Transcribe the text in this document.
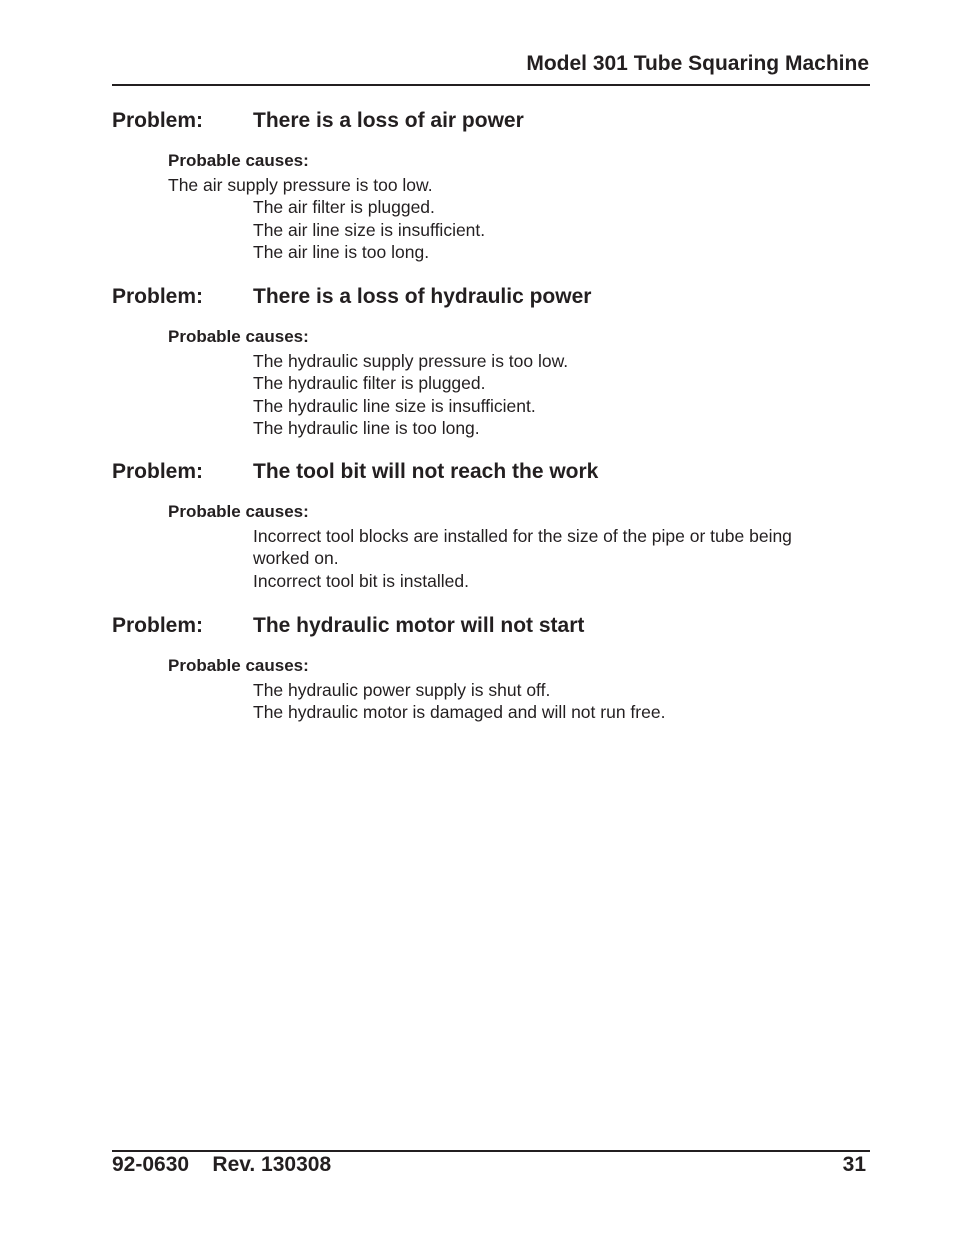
Model 301 Tube Squaring Machine
Problem: There is a loss of air power
Probable causes:
The air supply pressure is too low.
The air filter is plugged.
The air line size is insufficient.
The air line is too long.
Problem: There is a loss of hydraulic power
Probable causes:
The hydraulic supply pressure is too low.
The hydraulic filter is plugged.
The hydraulic line size is insufficient.
The hydraulic line is too long.
Problem: The tool bit will not reach the work
Probable causes:
Incorrect tool blocks are installed for the size of the pipe or tube being worked on.
Incorrect tool bit is installed.
Problem: The hydraulic motor will not start
Probable causes:
The hydraulic power supply is shut off.
The hydraulic motor is damaged and will not run free.
92-0630 Rev. 130308	31
